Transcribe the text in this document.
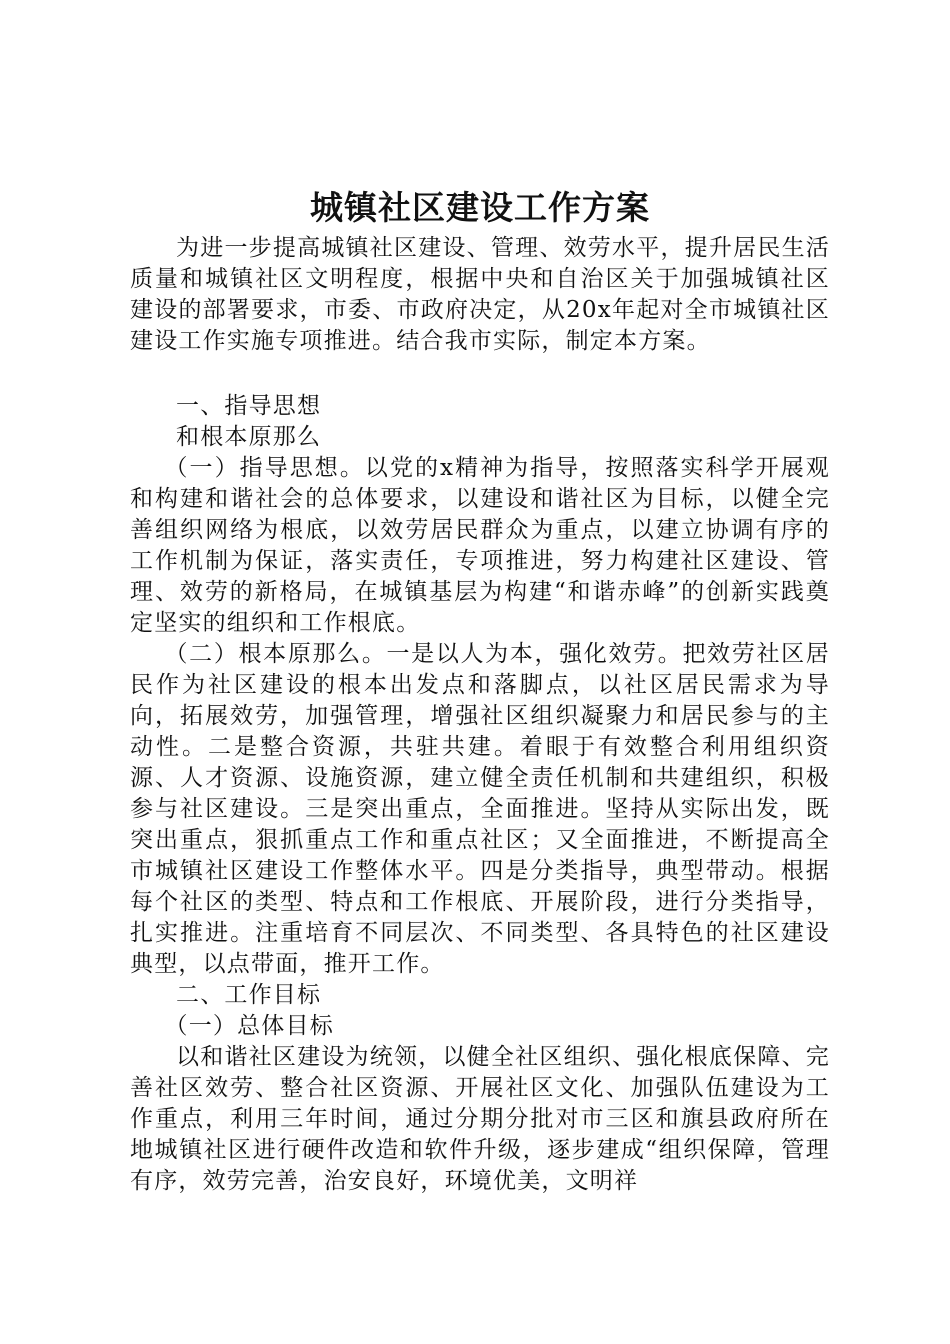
城镇社区建设工作方案

为进一步提高城镇社区建设、管理、效劳水平，提升居民生活质量和城镇社区文明程度，根据中央和自治区关于加强城镇社区建设的部署要求，市委、市政府决定，从20x年起对全市城镇社区建设工作实施专项推进。结合我市实际，制定本方案。

一、指导思想

和根本原那么

（一）指导思想。以党的x精神为指导，按照落实科学开展观和构建和谐社会的总体要求，以建设和谐社区为目标，以健全完善组织网络为根底，以效劳居民群众为重点，以建立协调有序的工作机制为保证，落实责任，专项推进，努力构建社区建设、管理、效劳的新格局，在城镇基层为构建“和谐赤峰”的创新实践奠定坚实的组织和工作根底。

（二）根本原那么。一是以人为本，强化效劳。把效劳社区居民作为社区建设的根本出发点和落脚点，以社区居民需求为导向，拓展效劳，加强管理，增强社区组织凝聚力和居民参与的主动性。二是整合资源，共驻共建。着眼于有效整合利用组织资源、人才资源、设施资源，建立健全责任机制和共建组织，积极参与社区建设。三是突出重点，全面推进。坚持从实际出发，既突出重点，狠抓重点工作和重点社区；又全面推进，不断提高全市城镇社区建设工作整体水平。四是分类指导，典型带动。根据每个社区的类型、特点和工作根底、开展阶段，进行分类指导，扎实推进。注重培育不同层次、不同类型、各具特色的社区建设典型，以点带面，推开工作。

二、工作目标

（一）总体目标

以和谐社区建设为统领，以健全社区组织、强化根底保障、完善社区效劳、整合社区资源、开展社区文化、加强队伍建设为工作重点，利用三年时间，通过分期分批对市三区和旗县政府所在地城镇社区进行硬件改造和软件升级，逐步建成“组织保障，管理有序，效劳完善，治安良好，环境优美，文明祥
